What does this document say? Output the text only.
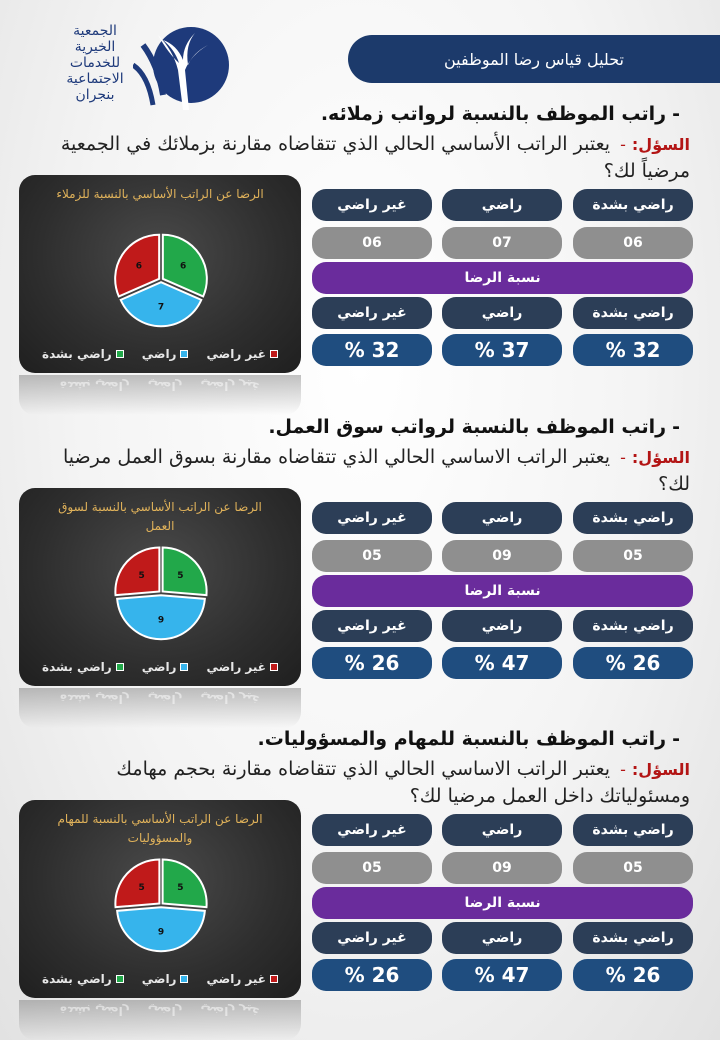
الجمعية
الخيرية
للخدمات
الاجتماعية
بنجران
تحليل قياس رضا الموظفين
-راتب الموظف بالنسبة لرواتب زملائه.
السؤل: - يعتبر الراتب الأساسي الحالي الذي تتقاضاه مقارنة بزملائك في الجمعية مرضياً لك؟
الرضا عن الراتب الأساسي بالنسبة للزملاء
6
7
6
غير راضي
راضي
راضي بشدة
غير راضي
راضي
راضي بشدة
غير راضي	راضي	راضي بشدة
06	07	06
نسبة الرضا
غير راضي	راضي	راضي بشدة
32 %	37 %	32 %
-راتب الموظف بالنسبة لرواتب سوق العمل.
السؤل: - يعتبر الراتب الاساسي الحالي الذي تتقاضاه مقارنة بسوق العمل مرضيا لك؟
الرضا عن الراتب الأساسي بالنسبة لسوق العمل
5
9
5
غير راضي
راضي
راضي بشدة
غير راضي
راضي
راضي بشدة
غير راضي	راضي	راضي بشدة
05	09	05
نسبة الرضا
غير راضي	راضي	راضي بشدة
26 %	47 %	26 %
-راتب الموظف بالنسبة للمهام والمسؤوليات.
السؤل: - يعتبر الراتب الاساسي الحالي الذي تتقاضاه مقارنة بحجم مهامك ومسئولياتك داخل العمل مرضيا لك؟
الرضا عن الراتب الأساسي بالنسبة للمهام والمسؤوليات
5
9
5
غير راضي
راضي
راضي بشدة
غير راضي
راضي
راضي بشدة
غير راضي	راضي	راضي بشدة
05	09	05
نسبة الرضا
غير راضي	راضي	راضي بشدة
26 %	47 %	26 %
